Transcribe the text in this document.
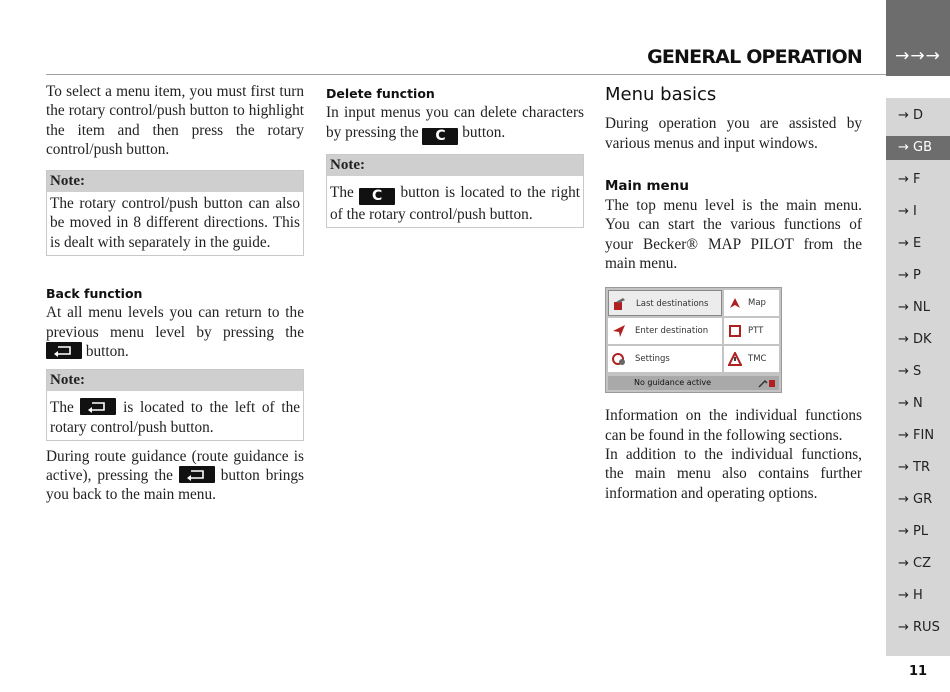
GENERAL OPERATION	→→→
→ D
→ GB
→ F
→ I
→ E
→ P
→ NL
→ DK
→ S
→ N
→ FIN
→ TR
→ GR
→ PL
→ CZ
→ H
→ RUS

To select a menu item, you must first turn the rotary control/push button to highlight the item and then press the rotary control/push button.

Note:
The rotary control/push button can also be moved in 8 different directions. This is dealt with separately in the guide.
Back function

At all menu levels you can return to the previous menu level by pressing the
button.

Note:
The	is located to the left of the rotary control/push button.

During route guidance (route guidance is active), pressing the	button brings you back to the main menu.

Delete function

In input menus you can delete characters by pressing the C button.

Note:
The C button is located to the right of the rotary control/push button.
Menu basics

During operation you are assisted by various menus and input windows.

Main menu

The top menu level is the main menu. You can start the various functions of your Becker® MAP PILOT from the main menu.

Last destinations	Map
Enter destination	PTT
Settings	TMC
No guidance active

Information on the individual functions can be found in the following sections.

In addition to the individual functions, the main menu also contains further information and operating options.

11
